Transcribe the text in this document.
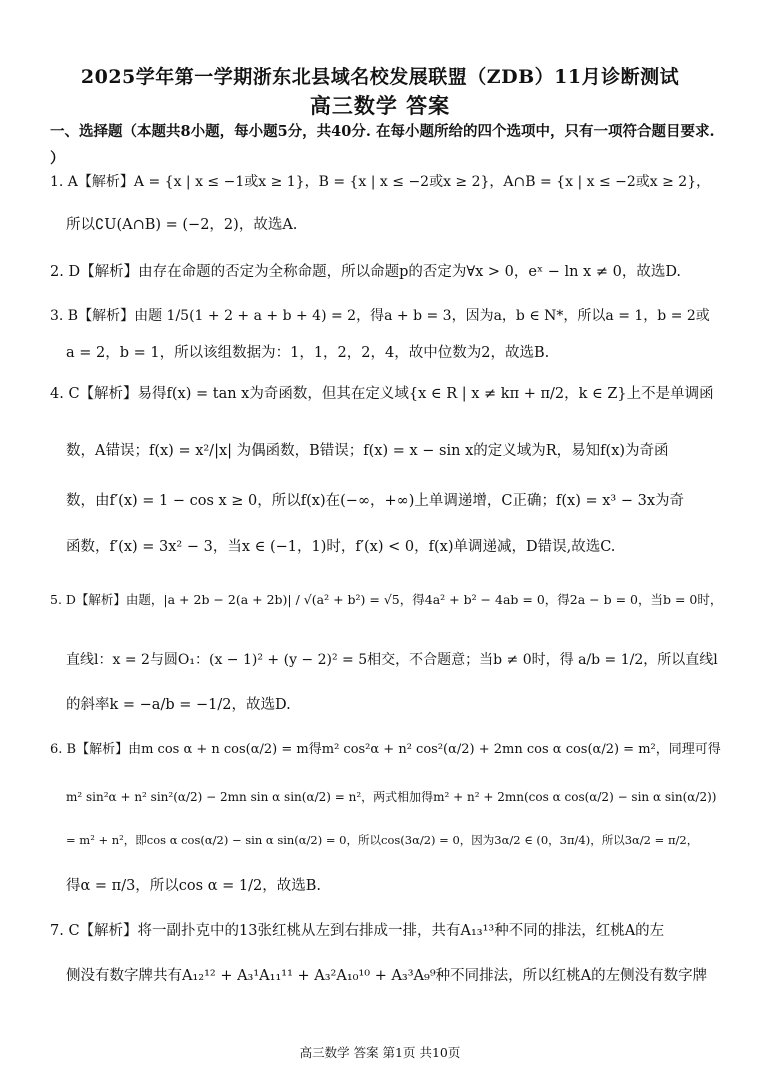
2025学年第一学期浙东北县域名校发展联盟（ZDB）11月诊断测试
高三数学 答案
一、选择题（本题共8小题，每小题5分，共40分. 在每小题所给的四个选项中，只有一项符合题目要求. ）
1. A【解析】A = {x | x ≤ −1或x ≥ 1}，B = {x | x ≤ −2或x ≥ 2}，A∩B = {x | x ≤ −2或x ≥ 2}，
所以∁U(A∩B) = (−2，2)，故选A.
2. D【解析】由存在命题的否定为全称命题，所以命题p的否定为∀x > 0，eˣ − ln x ≠ 0，故选D.
3. B【解析】由题 1/5(1 + 2 + a + b + 4) = 2，得a + b = 3，因为a，b ∈ N*，所以a = 1，b = 2或
a = 2，b = 1，所以该组数据为：1，1，2，2，4，故中位数为2，故选B.
4. C【解析】易得f(x) = tan x为奇函数，但其在定义域{x ∈ R | x ≠ kπ + π/2，k ∈ Z}上不是单调函
数，A错误；f(x) = x²/|x| 为偶函数，B错误；f(x) = x − sin x的定义域为R，易知f(x)为奇函
数，由f′(x) = 1 − cos x ≥ 0，所以f(x)在(−∞，+∞)上单调递增，C正确；f(x) = x³ − 3x为奇
函数，f′(x) = 3x² − 3，当x ∈ (−1，1)时，f′(x) < 0，f(x)单调递减，D错误,故选C.
5. D【解析】由题，|a + 2b − 2(a + 2b)| / √(a² + b²) = √5，得4a² + b² − 4ab = 0，得2a − b = 0，当b = 0时，
直线l：x = 2与圆O₁：(x − 1)² + (y − 2)² = 5相交，不合题意；当b ≠ 0时，得 a/b = 1/2，所以直线l
的斜率k = −a/b = −1/2，故选D.
6. B【解析】由m cos α + n cos(α/2) = m得m² cos²α + n² cos²(α/2) + 2mn cos α cos(α/2) = m²，同理可得
m² sin²α + n² sin²(α/2) − 2mn sin α sin(α/2) = n²，两式相加得m² + n² + 2mn(cos α cos(α/2) − sin α sin(α/2))
= m² + n²，即cos α cos(α/2) − sin α sin(α/2) = 0，所以cos(3α/2) = 0，因为3α/2 ∈ (0，3π/4)，所以3α/2 = π/2，
得α = π/3，所以cos α = 1/2，故选B.
7. C【解析】将一副扑克中的13张红桃从左到右排成一排，共有A₁₃¹³种不同的排法，红桃A的左
侧没有数字牌共有A₁₂¹² + A₃¹A₁₁¹¹ + A₃²A₁₀¹⁰ + A₃³A₉⁹种不同排法，所以红桃A的左侧没有数字牌
高三数学 答案 第1页 共10页
